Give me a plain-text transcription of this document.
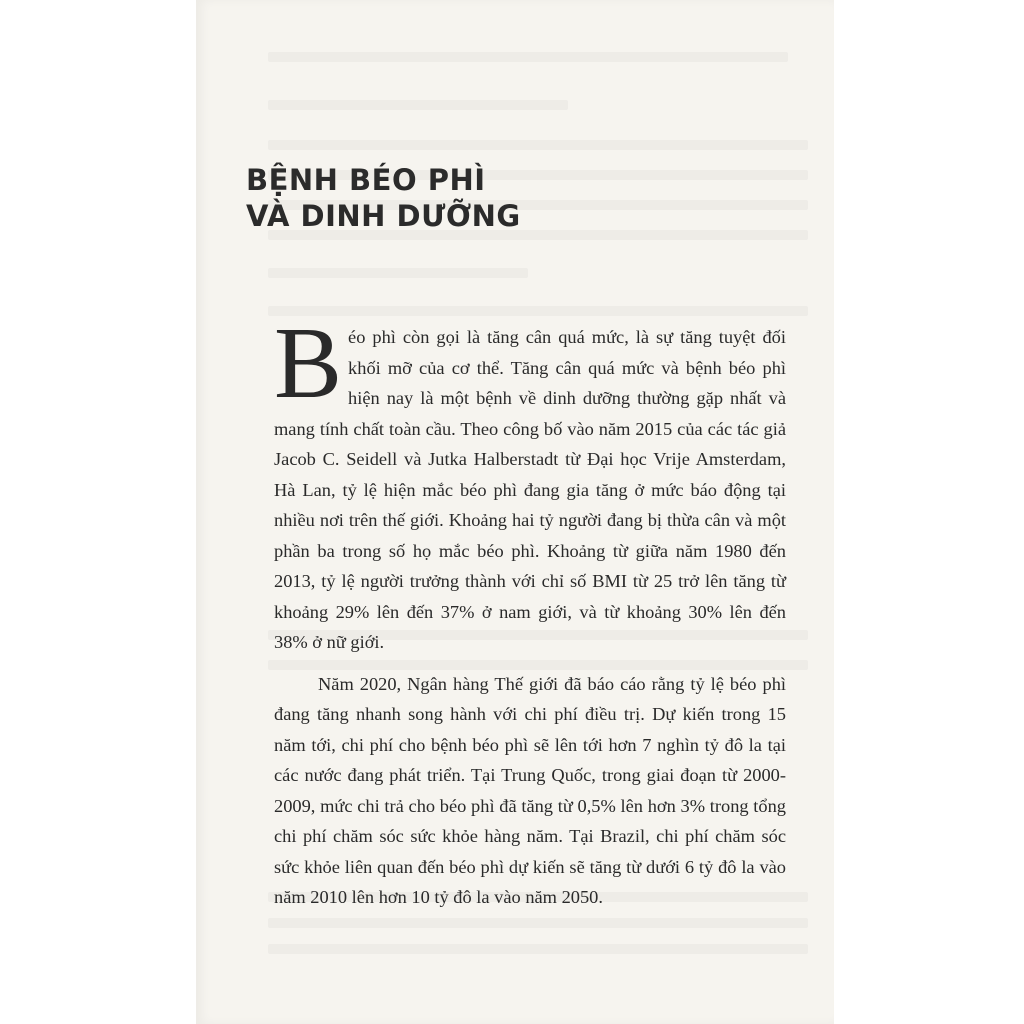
BỆNH BÉO PHÌ
VÀ DINH DƯỠNG

Béo phì còn gọi là tăng cân quá mức, là sự tăng tuyệt đối khối mỡ của cơ thể. Tăng cân quá mức và bệnh béo phì hiện nay là một bệnh về dinh dưỡng thường gặp nhất và mang tính chất toàn cầu. Theo công bố vào năm 2015 của các tác giả Jacob C. Seidell và Jutka Halberstadt từ Đại học Vrije Amsterdam, Hà Lan, tỷ lệ hiện mắc béo phì đang gia tăng ở mức báo động tại nhiều nơi trên thế giới. Khoảng hai tỷ người đang bị thừa cân và một phần ba trong số họ mắc béo phì. Khoảng từ giữa năm 1980 đến 2013, tỷ lệ người trưởng thành với chỉ số BMI từ 25 trở lên tăng từ khoảng 29% lên đến 37% ở nam giới, và từ khoảng 30% lên đến 38% ở nữ giới.

Năm 2020, Ngân hàng Thế giới đã báo cáo rằng tỷ lệ béo phì đang tăng nhanh song hành với chi phí điều trị. Dự kiến trong 15 năm tới, chi phí cho bệnh béo phì sẽ lên tới hơn 7 nghìn tỷ đô la tại các nước đang phát triển. Tại Trung Quốc, trong giai đoạn từ 2000-2009, mức chi trả cho béo phì đã tăng từ 0,5% lên hơn 3% trong tổng chi phí chăm sóc sức khỏe hàng năm. Tại Brazil, chi phí chăm sóc sức khỏe liên quan đến béo phì dự kiến sẽ tăng từ dưới 6 tỷ đô la vào năm 2010 lên hơn 10 tỷ đô la vào năm 2050.
